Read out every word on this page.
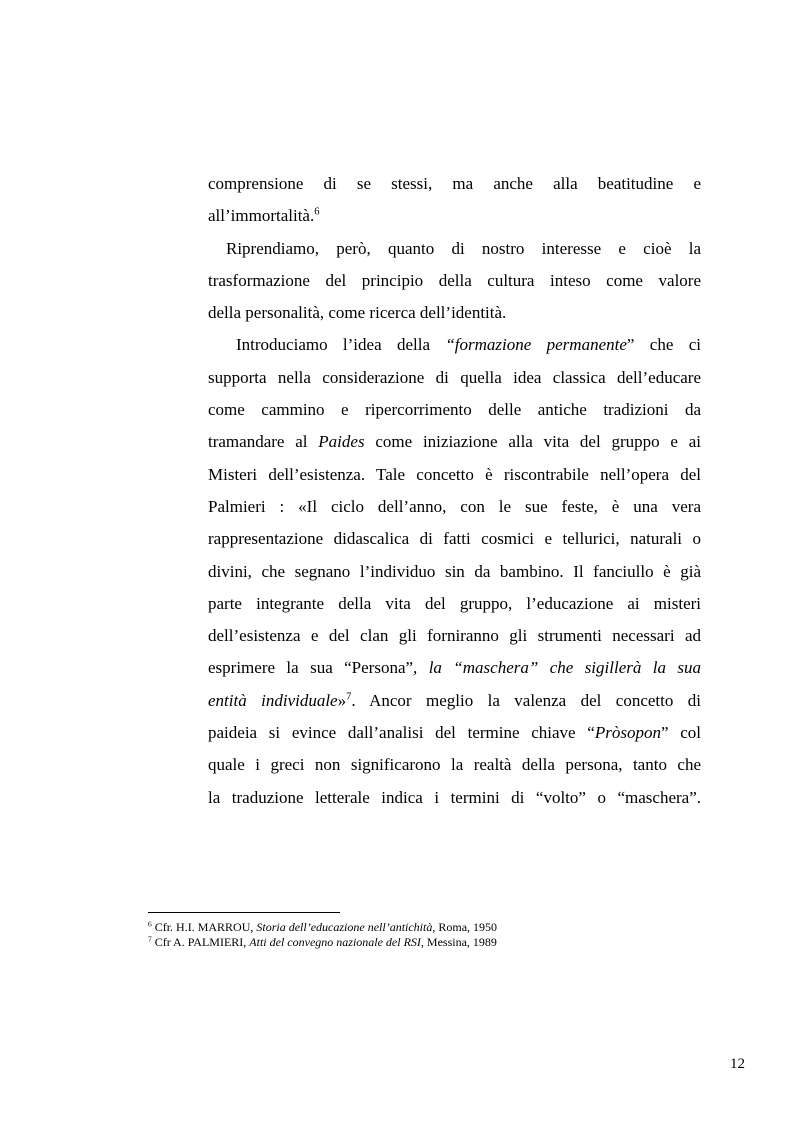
comprensione di se stessi, ma anche alla beatitudine e
all’immortalità.$^6$
Riprendiamo, però, quanto di nostro interesse e cioè la
trasformazione del principio della cultura inteso come valore
della personalità, come ricerca dell’identità.
Introduciamo l’idea della “formazione permanente” che ci
supporta nella considerazione di quella idea classica dell’educare
come cammino e ripercorrimento delle antiche tradizioni da
tramandare al Paides come iniziazione alla vita del gruppo e ai
Misteri dell’esistenza. Tale concetto è riscontrabile nell’opera del
Palmieri : «Il ciclo dell’anno, con le sue feste, è una vera
rappresentazione didascalica di fatti cosmici e tellurici, naturali o
divini, che segnano l’individuo sin da bambino. Il fanciullo è già
parte integrante della vita del gruppo, l’educazione ai misteri
dell’esistenza e del clan gli forniranno gli strumenti necessari ad
esprimere la sua “Persona”, la “maschera” che sigillerà la sua
entità individuale»$^7$. Ancor meglio la valenza del concetto di
paideia si evince dall’analisi del termine chiave “Pròsopon” col
quale i greci non significarono la realtà della persona, tanto che
la traduzione letterale indica i termini di “volto” o “maschera”.
$^6$ Cfr. H.I. MARROU, Storia dell’educazione nell’antichità, Roma, 1950
$^7$ Cfr A. PALMIERI, Atti del convegno nazionale del RSI, Messina, 1989
12
